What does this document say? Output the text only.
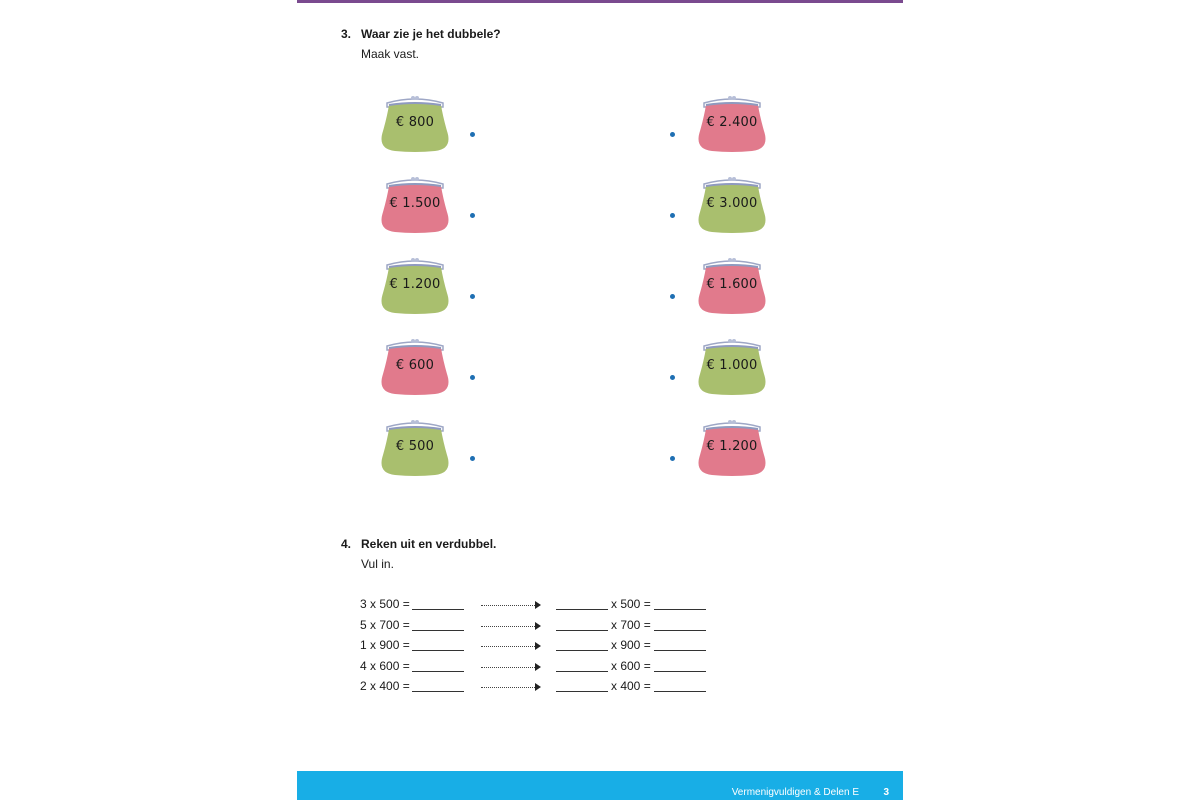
3. Waar zie je het dubbele?
Maak vast.
€ 800
€ 1.500
€ 1.200
€ 600
€ 500
€ 2.400
€ 3.000
€ 1.600
€ 1.000
€ 1.200
4. Reken uit en verdubbel.
Vul in.
3 x 500 =	x 500 =
5 x 700 =	x 700 =
1 x 900 =	x 900 =
4 x 600 =	x 600 =
2 x 400 =	x 400 =
Vermenigvuldigen & Delen E 3
